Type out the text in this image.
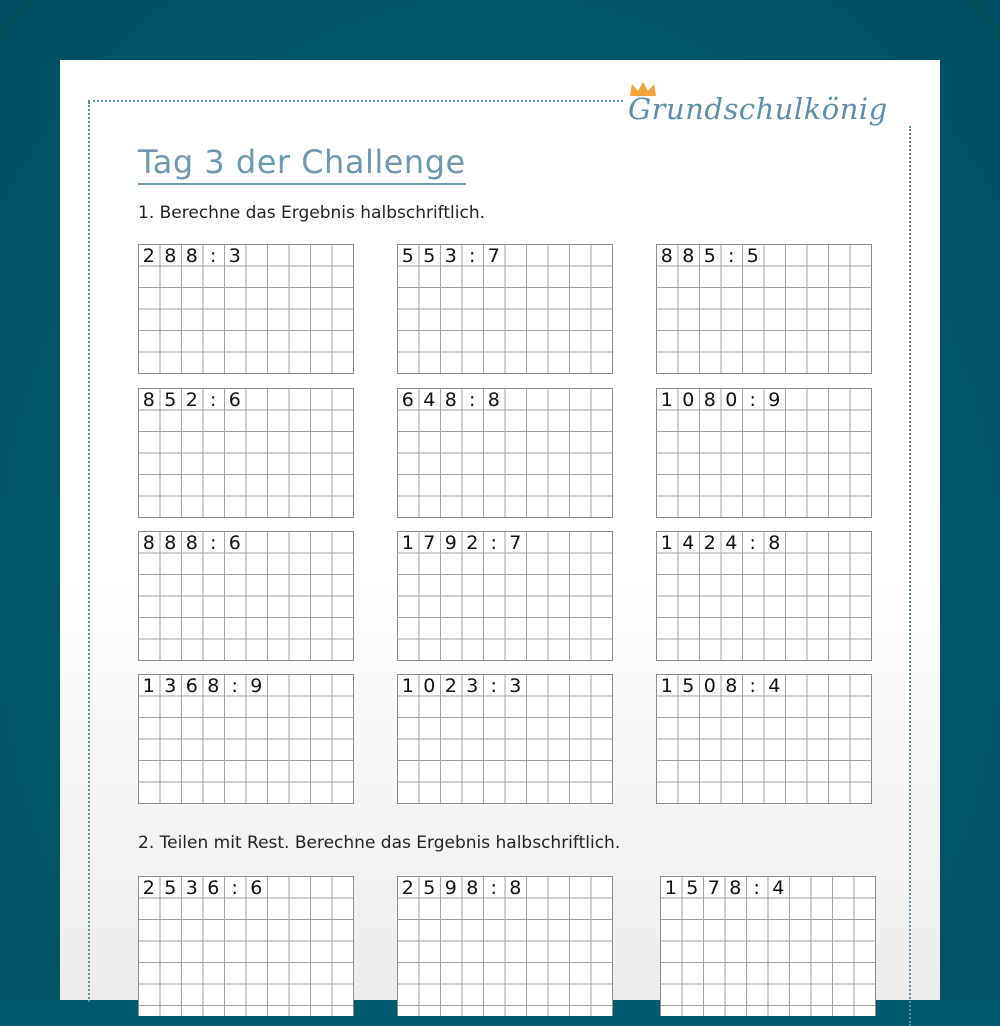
Grundschulkönig
Tag 3 der Challenge
1. Berechne das Ergebnis halbschriftlich.
2 8 8 : 3	5 5 3 : 7	8 8 5 : 5
8 5 2 : 6	6 4 8 : 8	1 0 8 0 : 9
8 8 8 : 6	1 7 9 2 : 7	1 4 2 4 : 8
1 3 6 8 : 9	1 0 2 3 : 3	1 5 0 8 : 4
2. Teilen mit Rest. Berechne das Ergebnis halbschriftlich.
2 5 3 6 : 6	2 5 9 8 : 8	1 5 7 8 : 4
